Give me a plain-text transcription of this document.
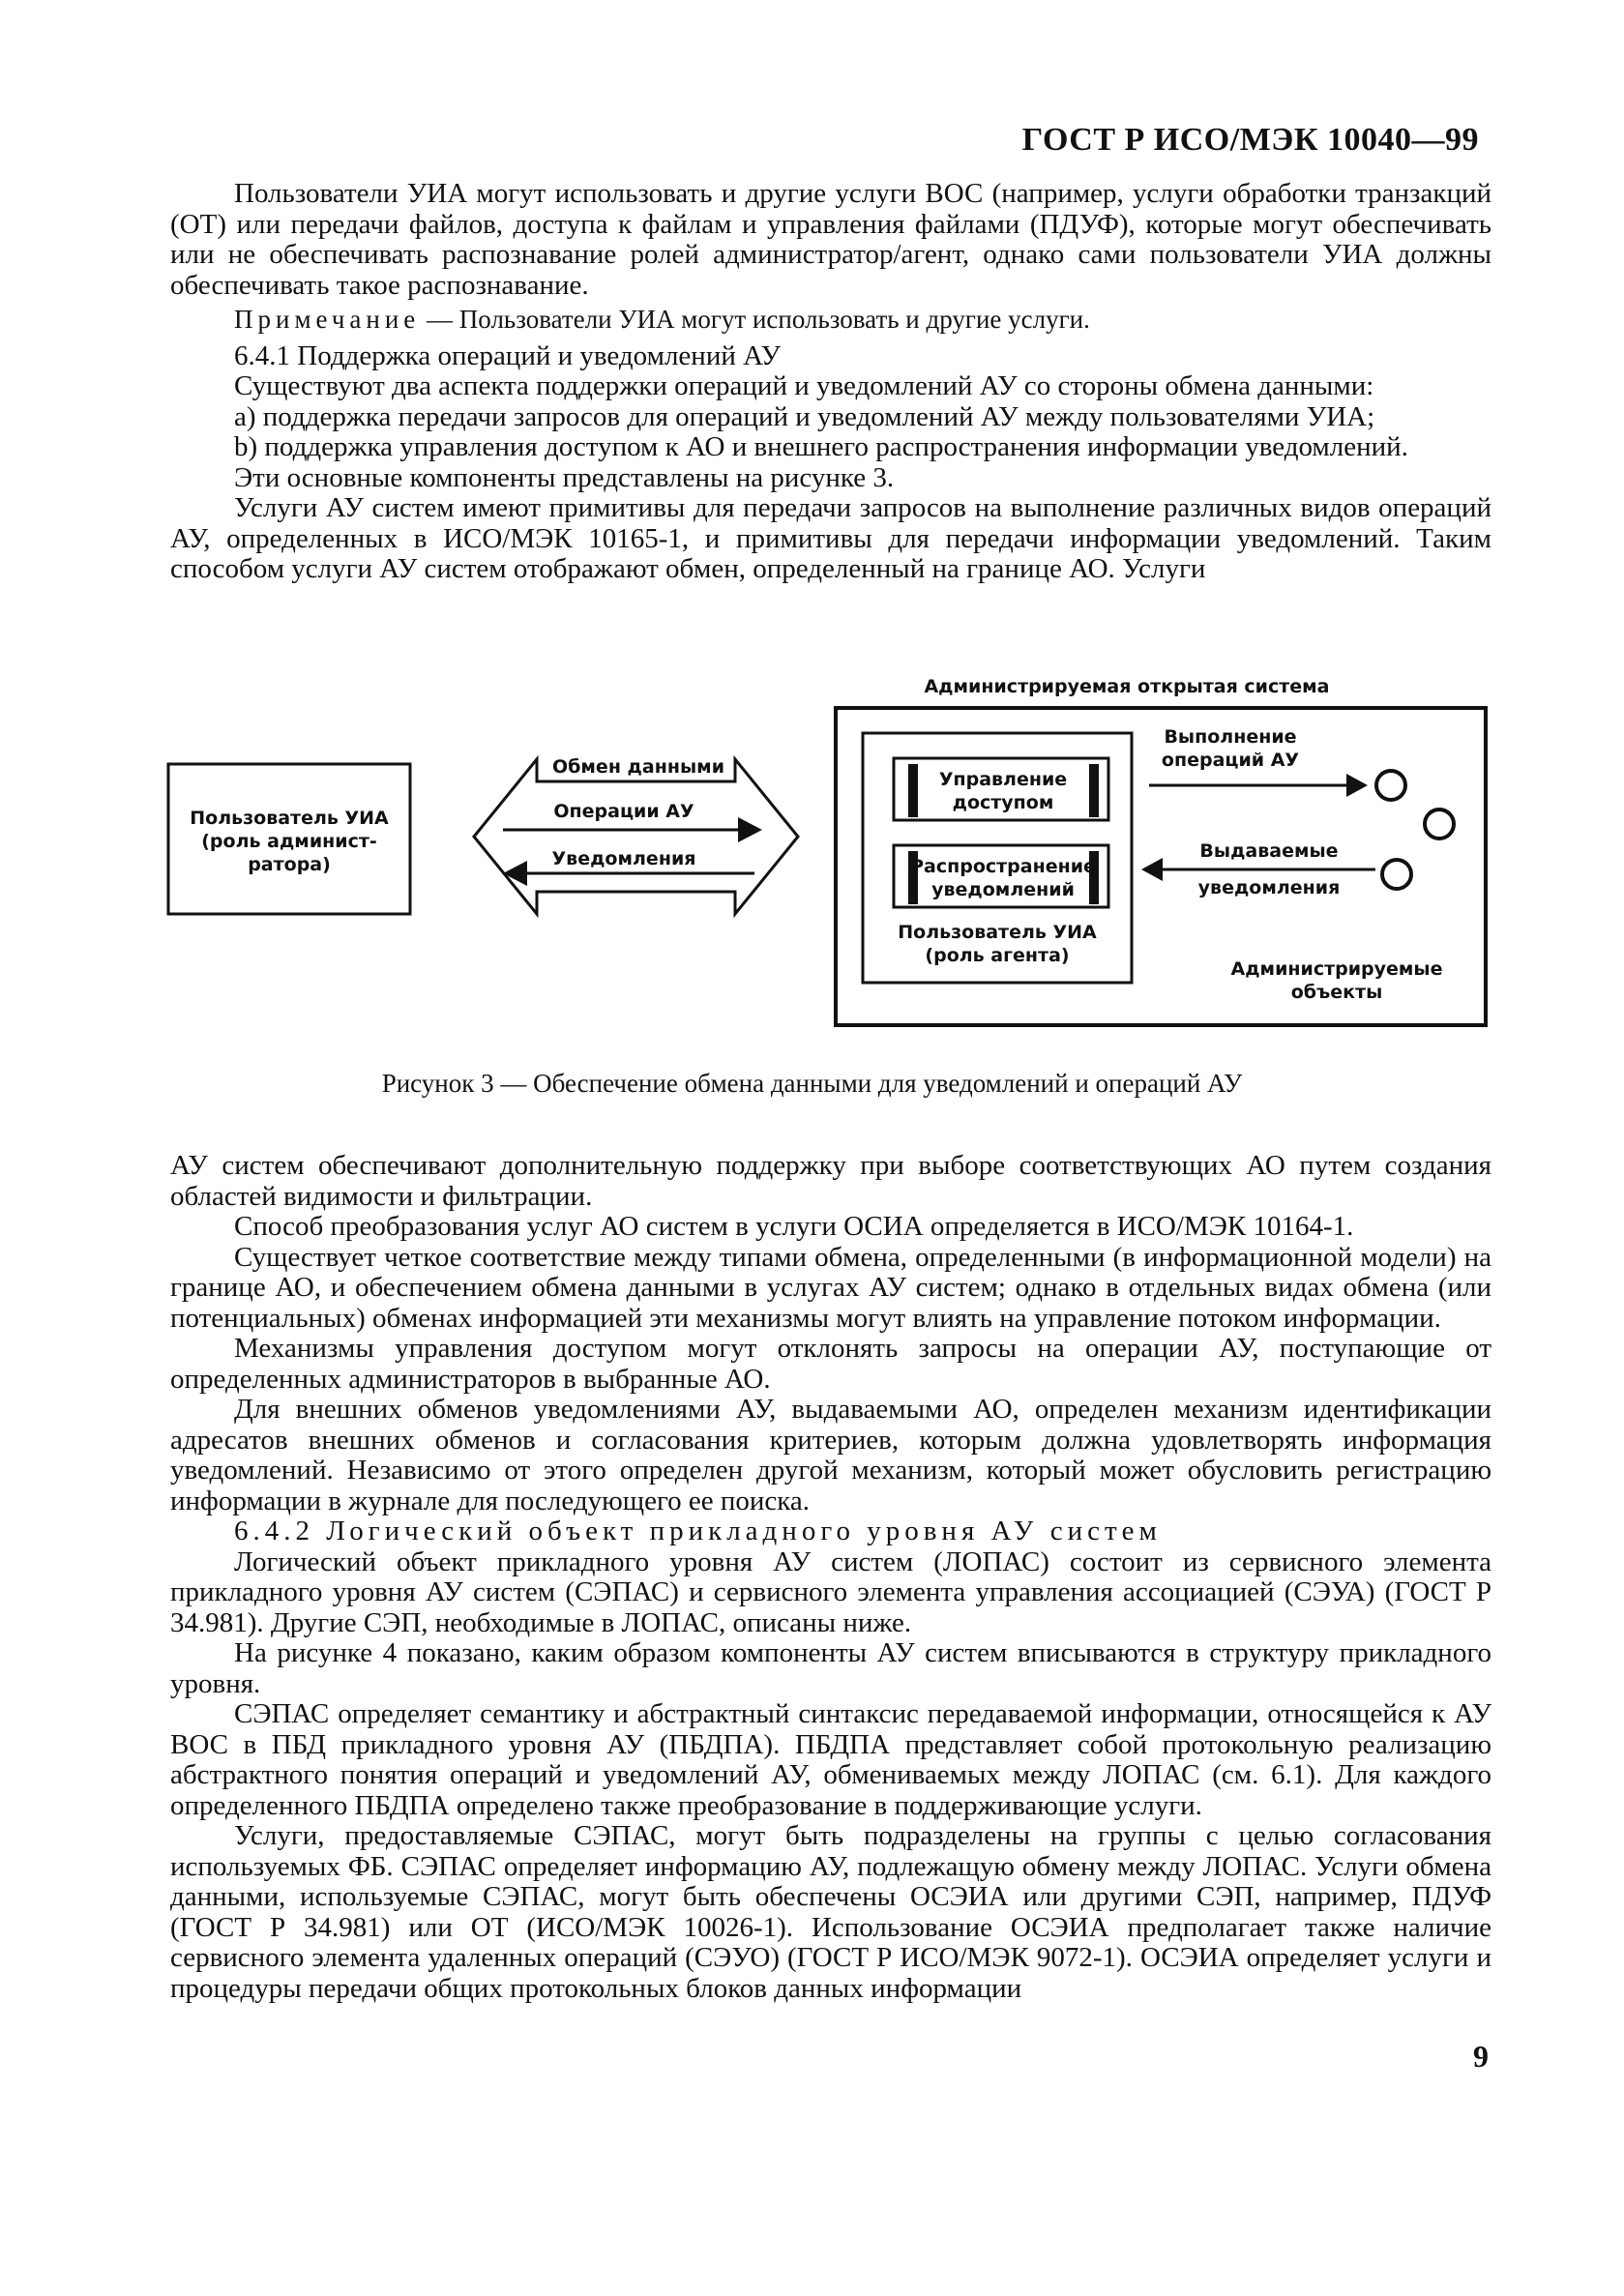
ГОСТ Р ИСО/МЭК 10040—99

Пользователи УИА могут использовать и другие услуги ВОС (например, услуги обработки транзакций (ОТ) или передачи файлов, доступа к файлам и управления файлами (ПДУФ), которые могут обеспечивать или не обеспечивать распознавание ролей администратор/агент, однако сами пользователи УИА должны обеспечивать такое распознавание.

Примечание — Пользователи УИА могут использовать и другие услуги.

6.4.1 Поддержка операций и уведомлений АУ

Существуют два аспекта поддержки операций и уведомлений АУ со стороны обмена данными:

a) поддержка передачи запросов для операций и уведомлений АУ между пользователями УИА;

b) поддержка управления доступом к АО и внешнего распространения информации уведомлений.

Эти основные компоненты представлены на рисунке 3.

Услуги АУ систем имеют примитивы для передачи запросов на выполнение различных видов операций АУ, определенных в ИСО/МЭК 10165-1, и примитивы для передачи информации уведомлений. Таким способом услуги АУ систем отображают обмен, определенный на границе АО. Услуги

Пользователь УИА
(роль админист-
ратора)
Обмен данными
Операции АУ
Уведомления
Администрируемая открытая система
Управление
доступом
Распространение
уведомлений
Пользователь УИА
(роль агента)
Выполнение
операций АУ
Выдаваемые
уведомления
Администрируемые
объекты
Рисунок 3 — Обеспечение обмена данными для уведомлений и операций АУ

АУ систем обеспечивают дополнительную поддержку при выборе соответствующих АО путем создания областей видимости и фильтрации.

Способ преобразования услуг АО систем в услуги ОСИА определяется в ИСО/МЭК 10164-1.

Существует четкое соответствие между типами обмена, определенными (в информационной модели) на границе АО, и обеспечением обмена данными в услугах АУ систем; однако в отдельных видах обмена (или потенциальных) обменах информацией эти механизмы могут влиять на управление потоком информации.

Механизмы управления доступом могут отклонять запросы на операции АУ, поступающие от определенных администраторов в выбранные АО.

Для внешних обменов уведомлениями АУ, выдаваемыми АО, определен механизм идентификации адресатов внешних обменов и согласования критериев, которым должна удовлетворять информация уведомлений. Независимо от этого определен другой механизм, который может обусловить регистрацию информации в журнале для последующего ее поиска.

6.4.2 Логический объект прикладного уровня АУ систем

Логический объект прикладного уровня АУ систем (ЛОПАС) состоит из сервисного элемента прикладного уровня АУ систем (СЭПАС) и сервисного элемента управления ассоциацией (СЭУА) (ГОСТ Р 34.981). Другие СЭП, необходимые в ЛОПАС, описаны ниже.

На рисунке 4 показано, каким образом компоненты АУ систем вписываются в структуру прикладного уровня.

СЭПАС определяет семантику и абстрактный синтаксис передаваемой информации, относящейся к АУ ВОС в ПБД прикладного уровня АУ (ПБДПА). ПБДПА представляет собой протокольную реализацию абстрактного понятия операций и уведомлений АУ, обмениваемых между ЛОПАС (см. 6.1). Для каждого определенного ПБДПА определено также преобразование в поддерживающие услуги.

Услуги, предоставляемые СЭПАС, могут быть подразделены на группы с целью согласования используемых ФБ. СЭПАС определяет информацию АУ, подлежащую обмену между ЛОПАС. Услуги обмена данными, используемые СЭПАС, могут быть обеспечены ОСЭИА или другими СЭП, например, ПДУФ (ГОСТ Р 34.981) или ОТ (ИСО/МЭК 10026-1). Использование ОСЭИА предполагает также наличие сервисного элемента удаленных операций (СЭУО) (ГОСТ Р ИСО/МЭК 9072-1). ОСЭИА определяет услуги и процедуры передачи общих протокольных блоков данных информации

9
